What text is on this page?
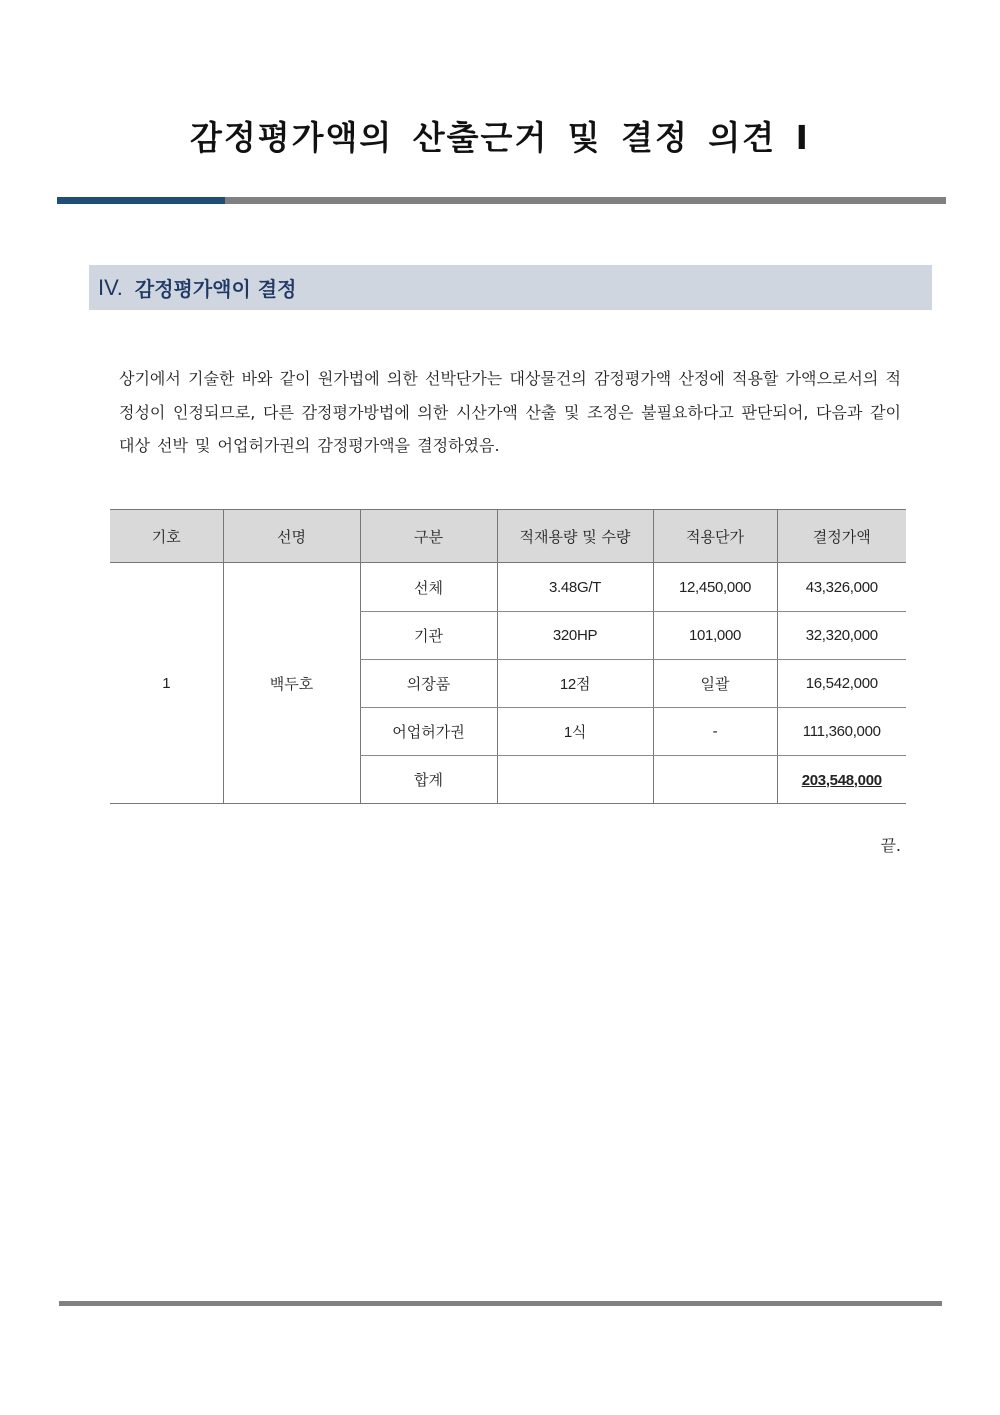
감정평가액의 산출근거 및 결정 의견 I
IV. 감정평가액이 결정

상기에서 기술한 바와 같이 원가법에 의한 선박단가는 대상물건의 감정평가액 산정에 적용할 가액으로서의 적정성이 인정되므로, 다른 감정평가방법에 의한 시산가액 산출 및 조정은 불필요하다고 판단되어, 다음과 같이 대상 선박 및 어업허가권의 감정평가액을 결정하였음.

기호	선명	구분	적재용량 및 수량	적용단가	결정가액
1	백두호	선체	3.48G/T	12,450,000	43,326,000
		기관	320HP	101,000	32,320,000
		의장품	12점	일괄	16,542,000
		어업허가권	1식	-	111,360,000
		합계			203,548,000
끝.
